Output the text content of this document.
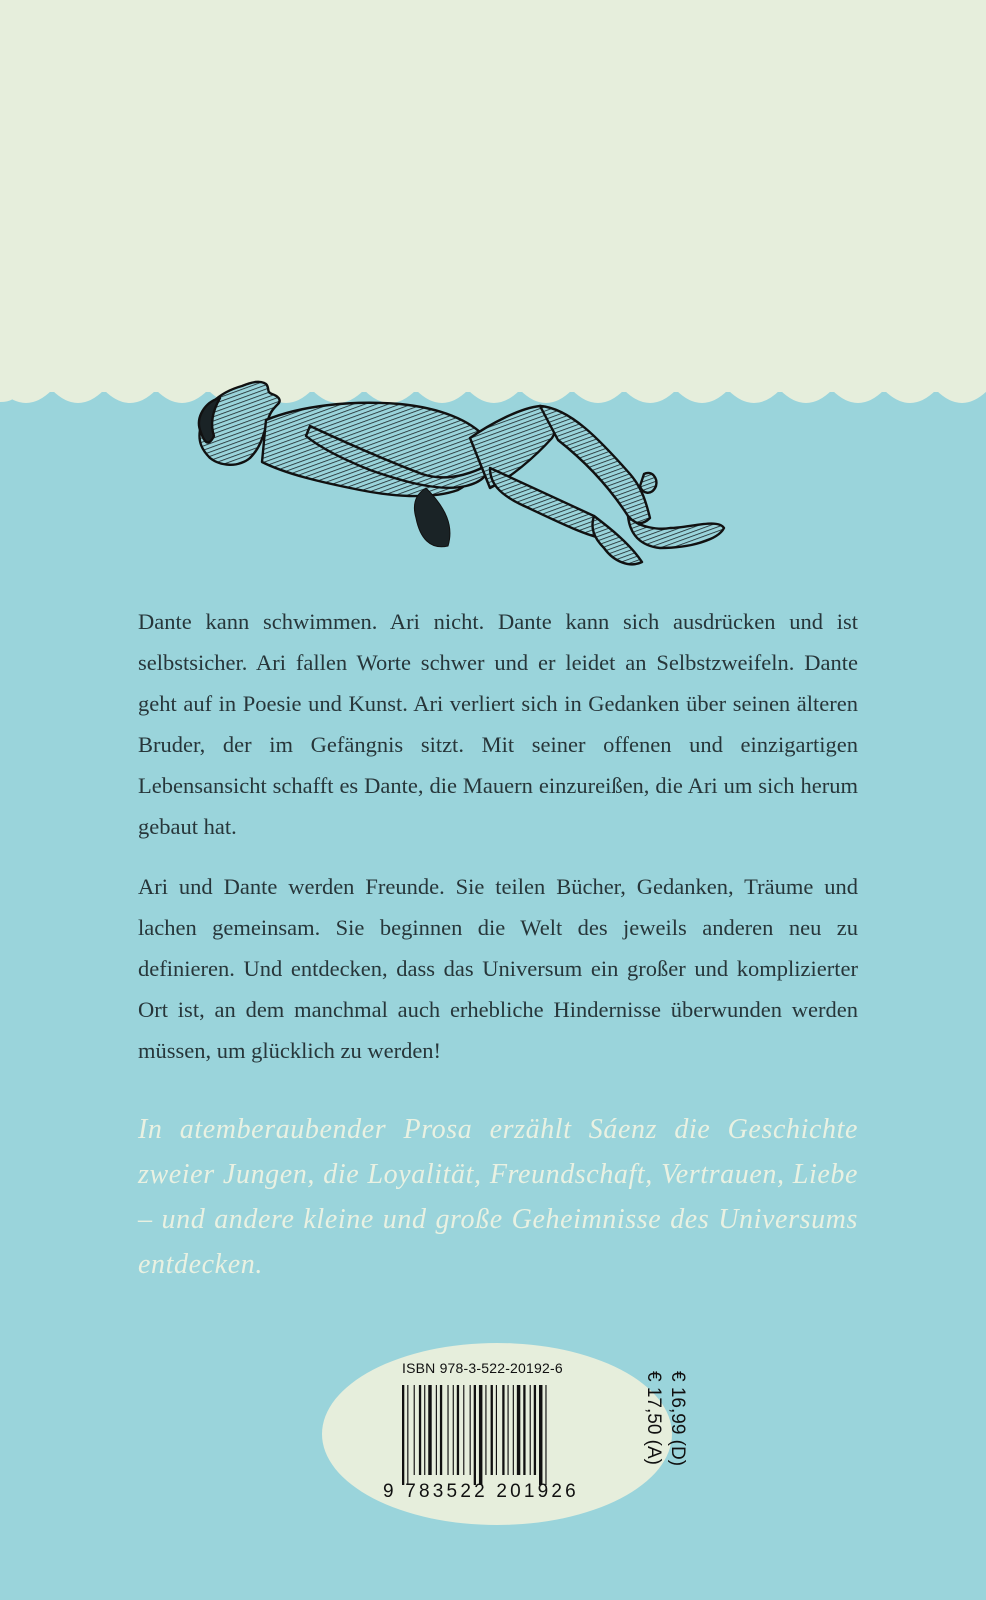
Dante kann schwimmen. Ari nicht. Dante kann sich ausdrücken und ist selbstsicher. Ari fallen Worte schwer und er leidet an Selbstzweifeln. Dante geht auf in Poesie und Kunst. Ari verliert sich in Gedanken über seinen älteren Bruder, der im Gefängnis sitzt. Mit seiner offenen und einzigartigen Lebensansicht schafft es Dante, die Mauern einzureißen, die Ari um sich herum gebaut hat.

Ari und Dante werden Freunde. Sie teilen Bücher, Gedanken, Träume und lachen gemeinsam. Sie beginnen die Welt des jeweils anderen neu zu definieren. Und entdecken, dass das Universum ein großer und komplizierter Ort ist, an dem manchmal auch erhebliche Hindernisse überwunden werden müssen, um glücklich zu werden!

In atemberaubender Prosa erzählt Sáenz die Geschichte zweier Jungen, die Loyalität, Freundschaft, Vertrauen, Liebe – und andere kleine und große Geheimnisse des Universums entdecken.

ISBN 978-3-522-20192-6
9 783522 201926
€ 16,99 (D)
€ 17,50 (A)
